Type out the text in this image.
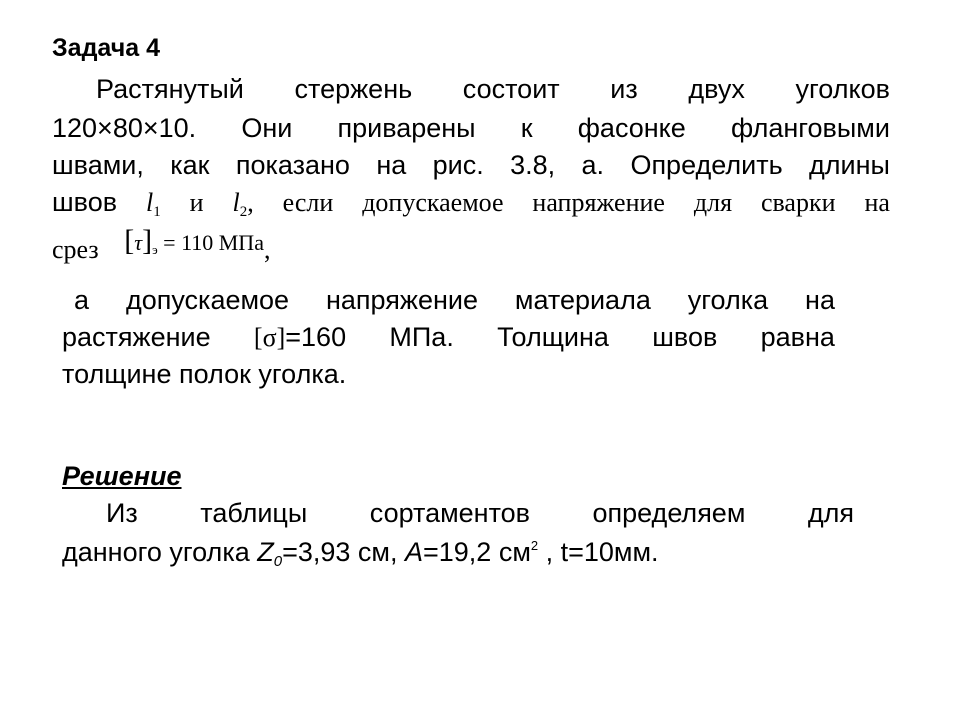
Задача 4
Растянутый стержень состоит из двух уголков
120×80×10. Они приварены к фасонке фланговыми
швами, как показано на рис. 3.8, а. Определить длины
швов $l_1$ и $l_2$, если допускаемое напряжение для сварки на
срез $^{[\tau]э = 110 МПа}$,
а допускаемое напряжение материала уголка на
растяжение [σ]=160 МПа. Толщина швов равна
толщине полок уголка.
Решение
Из таблицы сортаментов определяем для
данного уголка $Z_0=3,93$ см, A=19,2 $см^2$ , t=10мм.
